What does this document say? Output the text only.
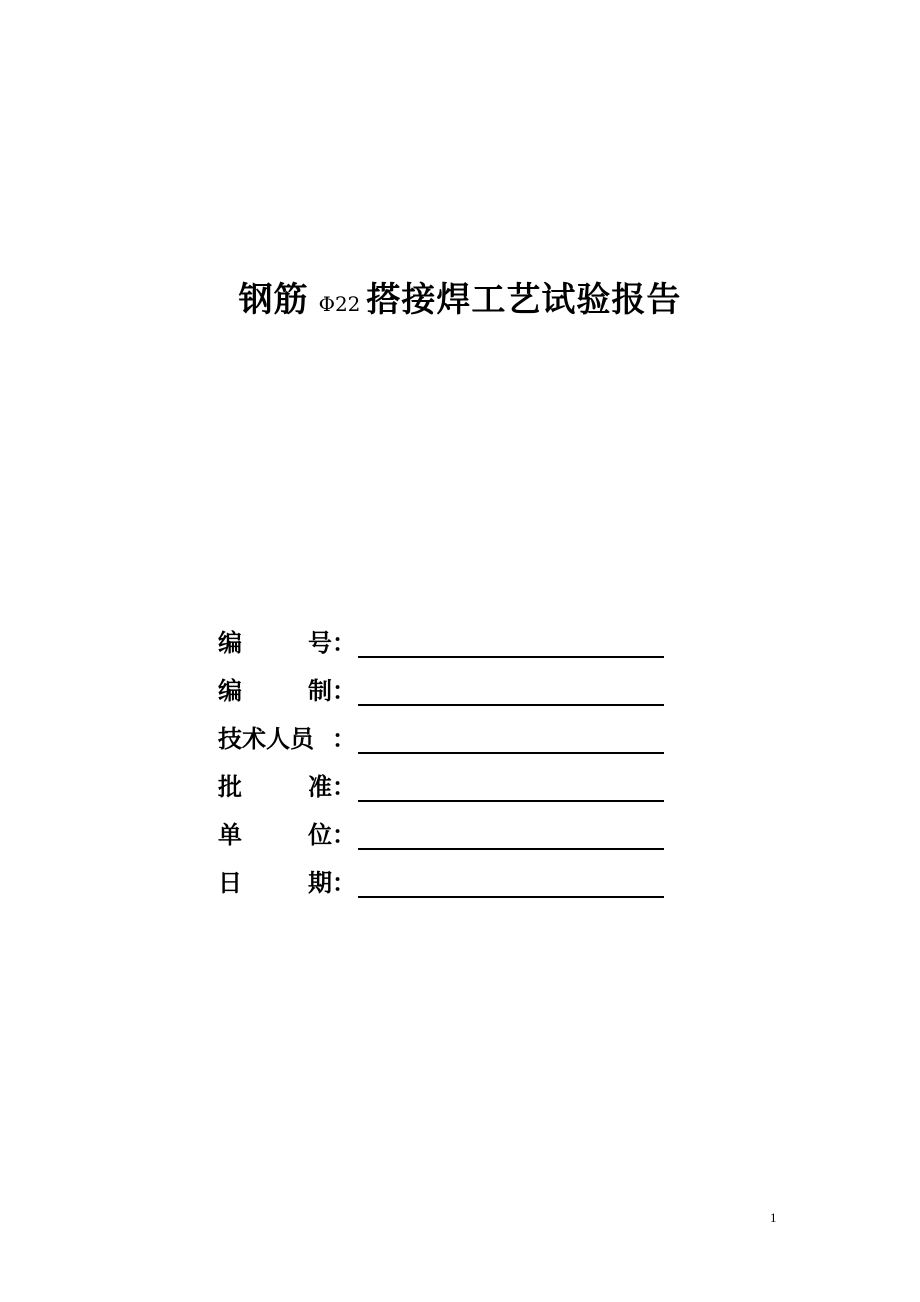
钢筋 Φ22 搭接焊工艺试验报告
编	号：
编	制：
技术人员 ：
批	准：
单	位：
日	期：
1
